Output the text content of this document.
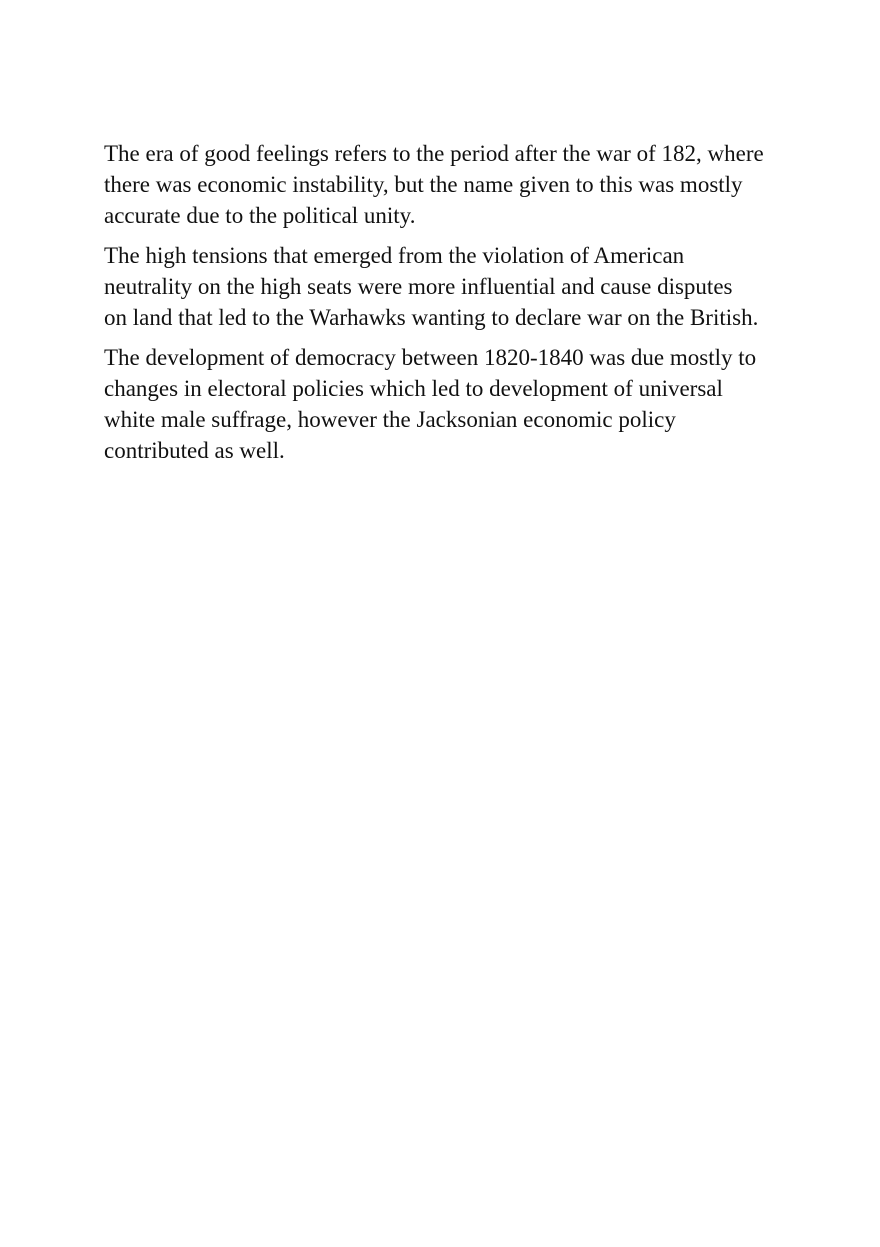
The era of good feelings refers to the period after the war of 182, where
there was economic instability, but the name given to this was mostly
accurate due to the political unity.

The high tensions that emerged from the violation of American
neutrality on the high seats were more influential and cause disputes
on land that led to the Warhawks wanting to declare war on the British.

The development of democracy between 1820-1840 was due mostly to
changes in electoral policies which led to development of universal
white male suffrage, however the Jacksonian economic policy
contributed as well.
